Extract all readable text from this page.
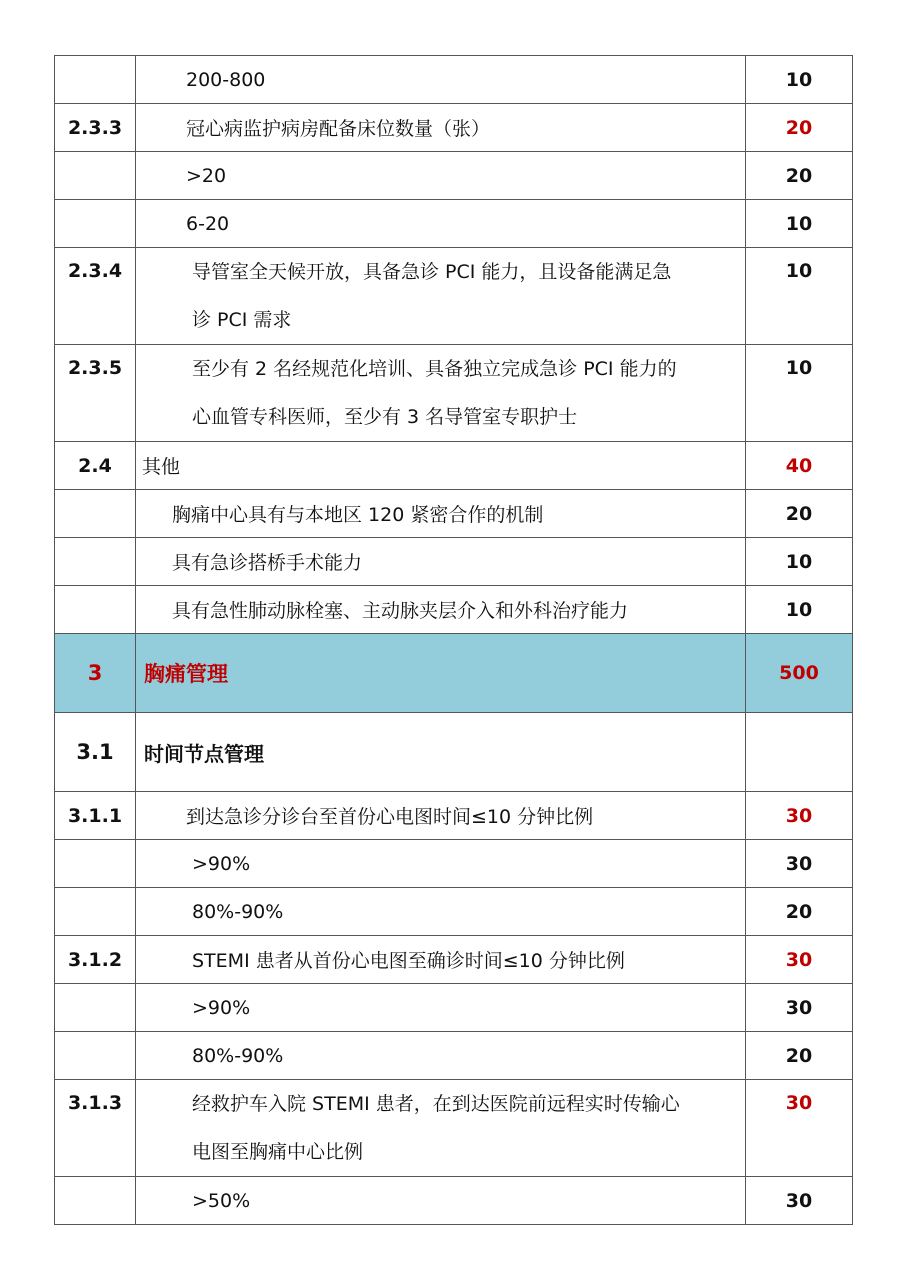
	200-800	10
2.3.3	冠心病监护病房配备床位数量（张）	20

	>20	20

	6-20	10
2.3.4	导管室全天候开放，具备急诊 PCI 能力，且设备能满足急
诊 PCI 需求	10
2.3.5	至少有 2 名经规范化培训、具备独立完成急诊 PCI 能力的
心血管专科医师，至少有 3 名导管室专职护士	10
2.4	其他	40

	胸痛中心具有与本地区 120 紧密合作的机制	20

	具有急诊搭桥手术能力	10

	具有急性肺动脉栓塞、主动脉夹层介入和外科治疗能力	10
3	胸痛管理	500
3.1	时间节点管理	

3.1.1	到达急诊分诊台至首份心电图时间≤10 分钟比例	30

	>90%	30

	80%-90%	20
3.1.2	STEMI 患者从首份心电图至确诊时间≤10 分钟比例	30

	>90%	30

	80%-90%	20
3.1.3	经救护车入院 STEMI 患者，在到达医院前远程实时传输心
电图至胸痛中心比例	30

	>50%	30
